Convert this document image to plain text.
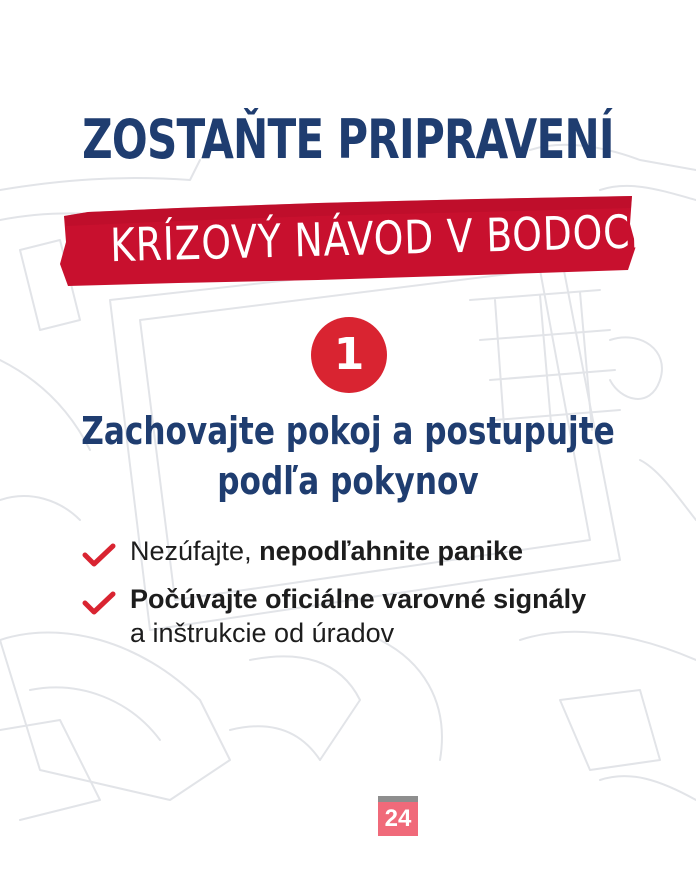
ZOSTAŇTE PRIPRAVENÍ
KRÍZOVÝ NÁVOD V BODOCH
1
Zachovajte pokoj a postupujte
podľa pokynov
Nezúfajte, nepodľahnite panike
Počúvajte oficiálne varovné signály
a inštrukcie od úradov
24
